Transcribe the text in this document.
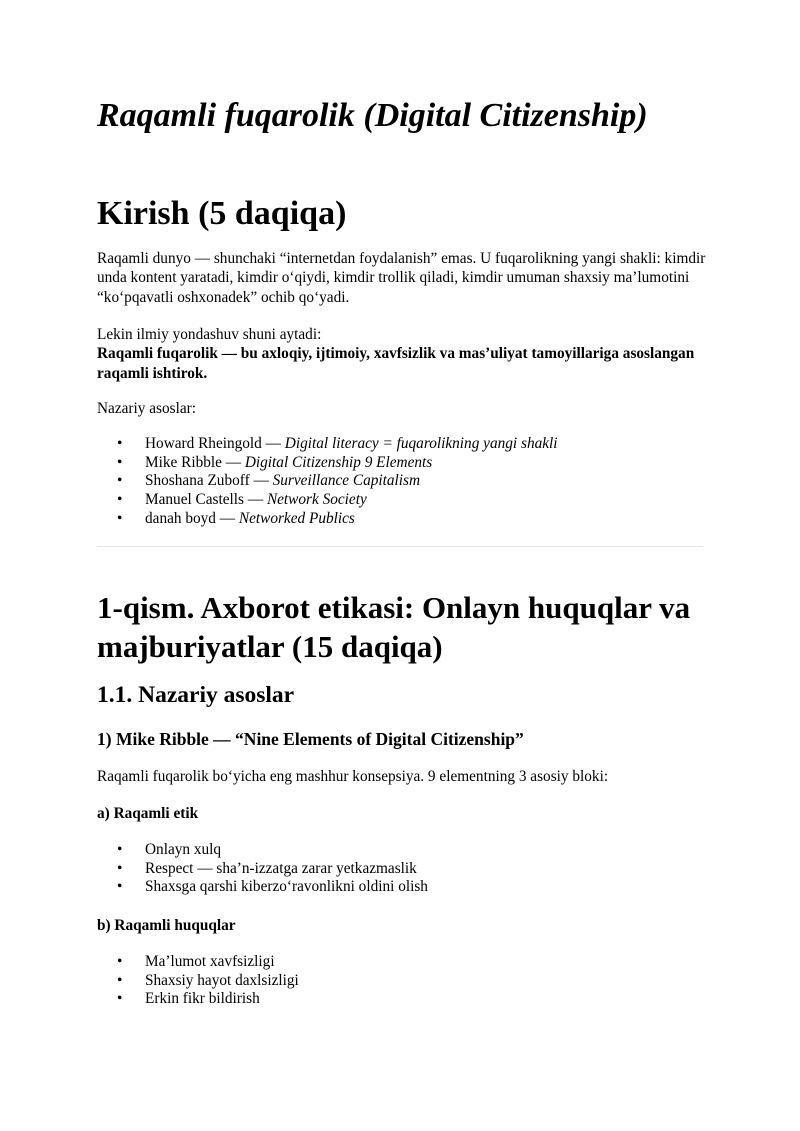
Raqamli fuqarolik (Digital Citizenship)
Kirish (5 daqiqa)

Raqamli dunyo — shunchaki “internetdan foydalanish” emas. U fuqarolikning yangi shakli: kimdir unda kontent yaratadi, kimdir o‘qiydi, kimdir trollik qiladi, kimdir umuman shaxsiy ma’lumotini “ko‘pqavatli oshxonadek” ochib qo‘yadi.

Lekin ilmiy yondashuv shuni aytadi:
Raqamli fuqarolik — bu axloqiy, ijtimoiy, xavfsizlik va mas’uliyat tamoyillariga asoslangan raqamli ishtirok.

Nazariy asoslar:

• Howard Rheingold — Digital literacy = fuqarolikning yangi shakli
• Mike Ribble — Digital Citizenship 9 Elements
• Shoshana Zuboff — Surveillance Capitalism
• Manuel Castells — Network Society
• danah boyd — Networked Publics
1-qism. Axborot etikasi: Onlayn huquqlar va majburiyatlar (15 daqiqa)
1.1. Nazariy asoslar
1) Mike Ribble — “Nine Elements of Digital Citizenship”

Raqamli fuqarolik bo‘yicha eng mashhur konsepsiya. 9 elementning 3 asosiy bloki:

a) Raqamli etik
• Onlayn xulq
• Respect — sha’n-izzatga zarar yetkazmaslik
• Shaxsga qarshi kiberzo‘ravonlikni oldini olish
b) Raqamli huquqlar
• Ma’lumot xavfsizligi
• Shaxsiy hayot daxlsizligi
• Erkin fikr bildirish
